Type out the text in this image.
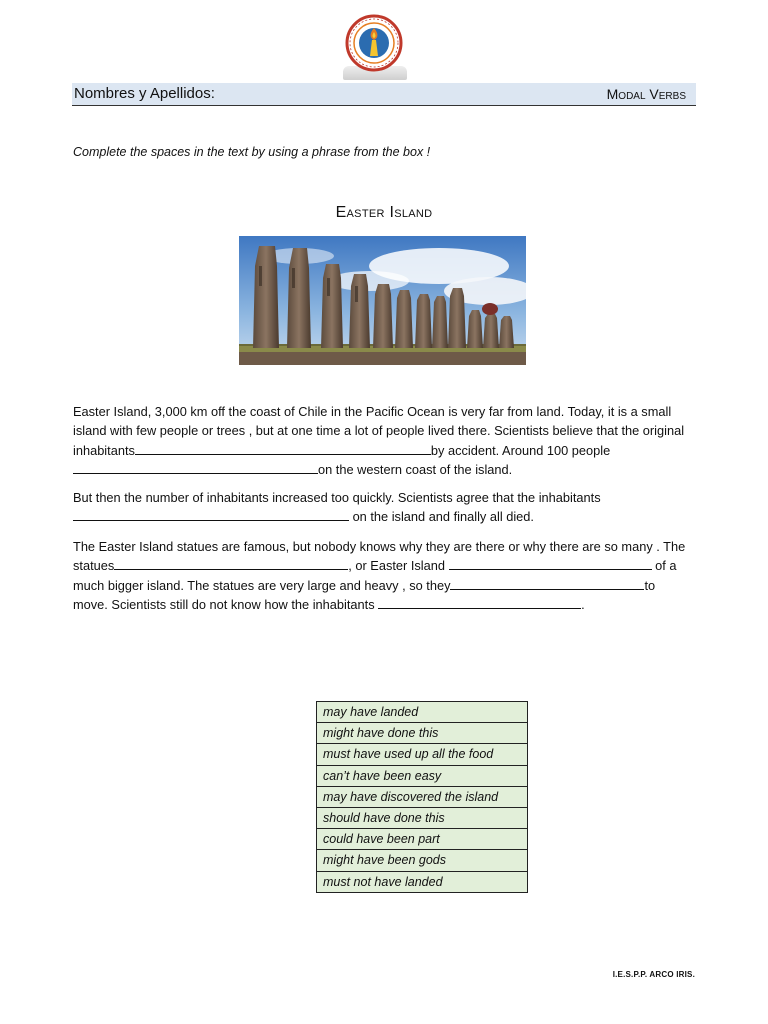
Nombres y Apellidos:	Modal Verbs
Complete the spaces in the text by using a phrase from the box !
Easter Island

Easter Island, 3,000 km off the coast of Chile in the Pacific Ocean is very far from land. Today, it is a small island with few people or trees , but at one time a lot of people lived there. Scientists believe that the original inhabitants	by accident. Around 100 peopleon the western coast of the island.

But then the number of inhabitants increased too quickly. Scientists agree that the inhabitants  on the island and finally all died.

The Easter Island statues are famous, but nobody knows why they are there or why there are so many . The statues	, or Easter Island	of a much bigger island. The statues are very large and heavy , so they	to move. Scientists still do not know how the inhabitants	.

may have landed
might have done this
must have used up all the food
can’t have been easy
may have discovered the island
should have done this
could have been part
might have been gods
must not have landed
I.E.S.P.P. ARCO IRIS.
